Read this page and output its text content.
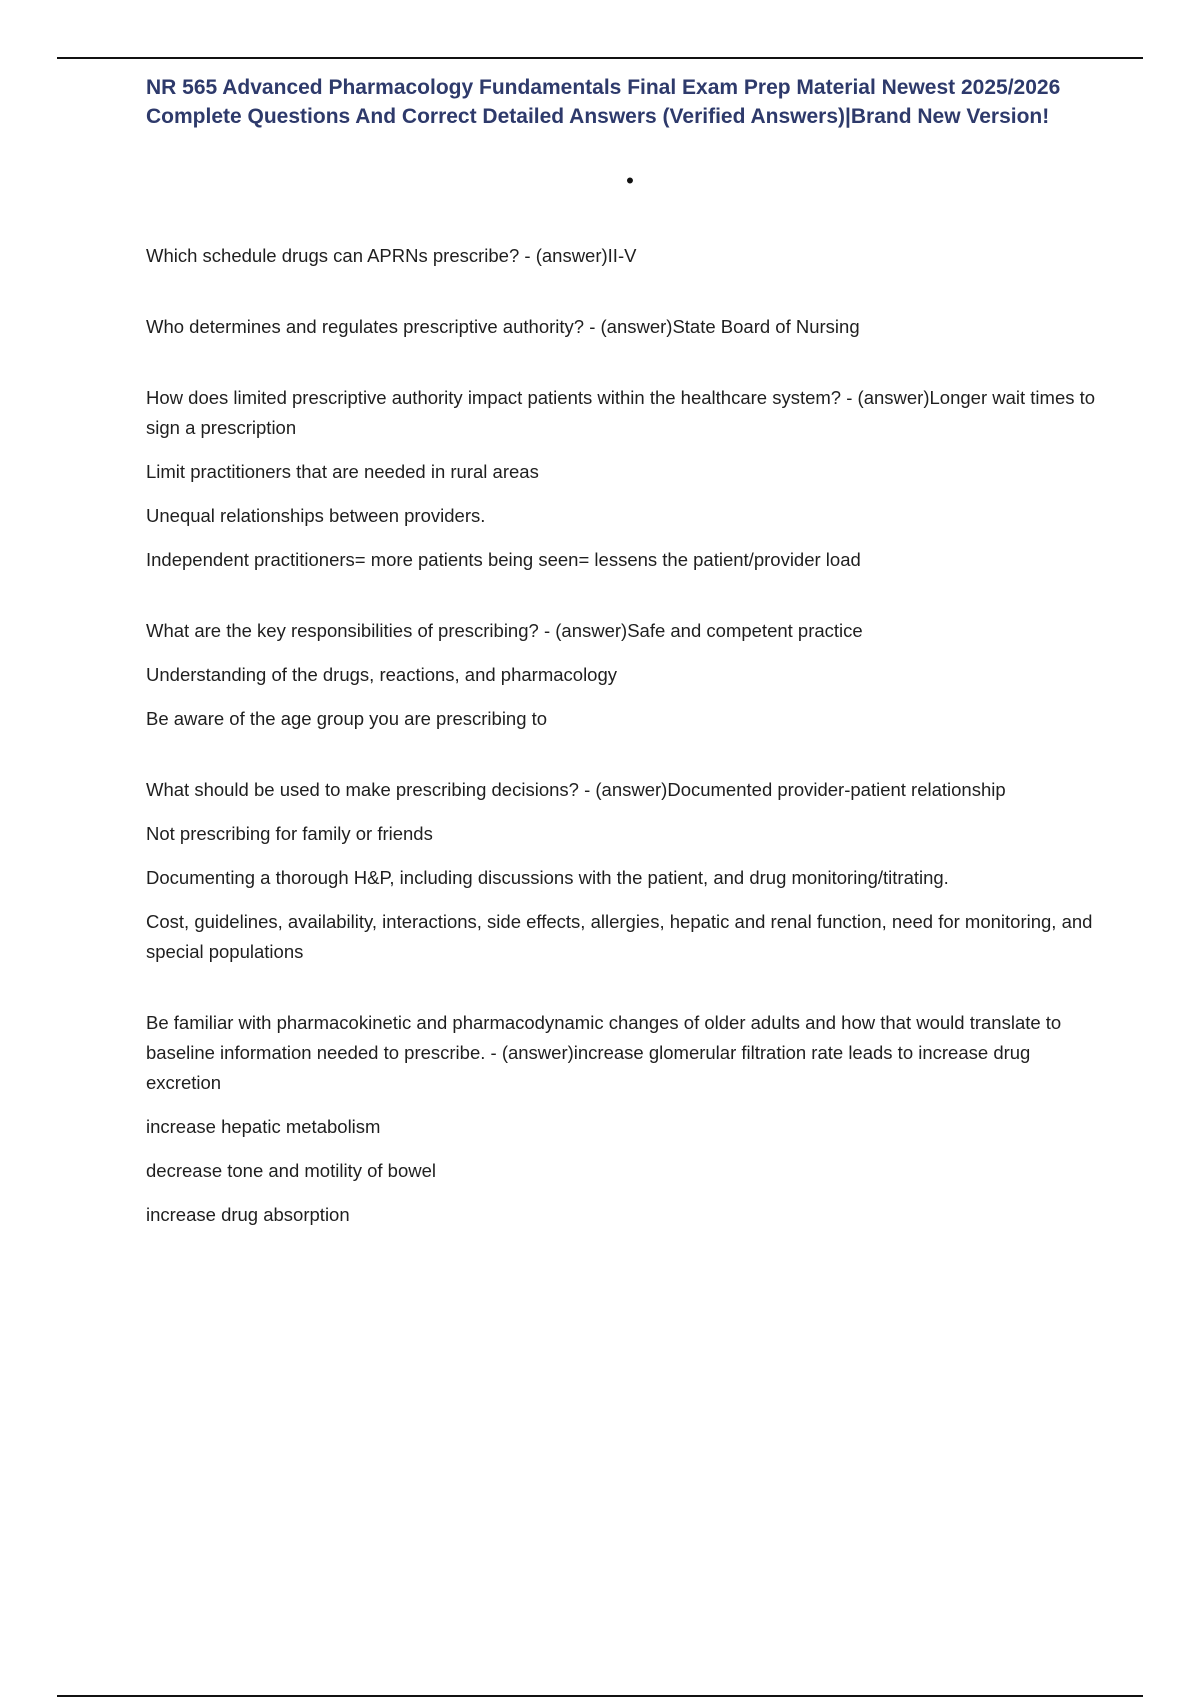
NR 565 Advanced Pharmacology Fundamentals Final Exam Prep Material Newest 2025/2026 Complete Questions And Correct Detailed Answers (Verified Answers)|Brand New Version!
•

Which schedule drugs can APRNs prescribe? - (answer)II-V

Who determines and regulates prescriptive authority? - (answer)State Board of Nursing

How does limited prescriptive authority impact patients within the healthcare system? - (answer)Longer wait times to sign a prescription

Limit practitioners that are needed in rural areas

Unequal relationships between providers.

Independent practitioners= more patients being seen= lessens the patient/provider load

What are the key responsibilities of prescribing? - (answer)Safe and competent practice

Understanding of the drugs, reactions, and pharmacology

Be aware of the age group you are prescribing to

What should be used to make prescribing decisions? - (answer)Documented provider-patient relationship

Not prescribing for family or friends

Documenting a thorough H&P, including discussions with the patient, and drug monitoring/titrating.

Cost, guidelines, availability, interactions, side effects, allergies, hepatic and renal function, need for monitoring, and special populations

Be familiar with pharmacokinetic and pharmacodynamic changes of older adults and how that would translate to baseline information needed to prescribe. - (answer)increase glomerular filtration rate leads to increase drug excretion

increase hepatic metabolism

decrease tone and motility of bowel

increase drug absorption
